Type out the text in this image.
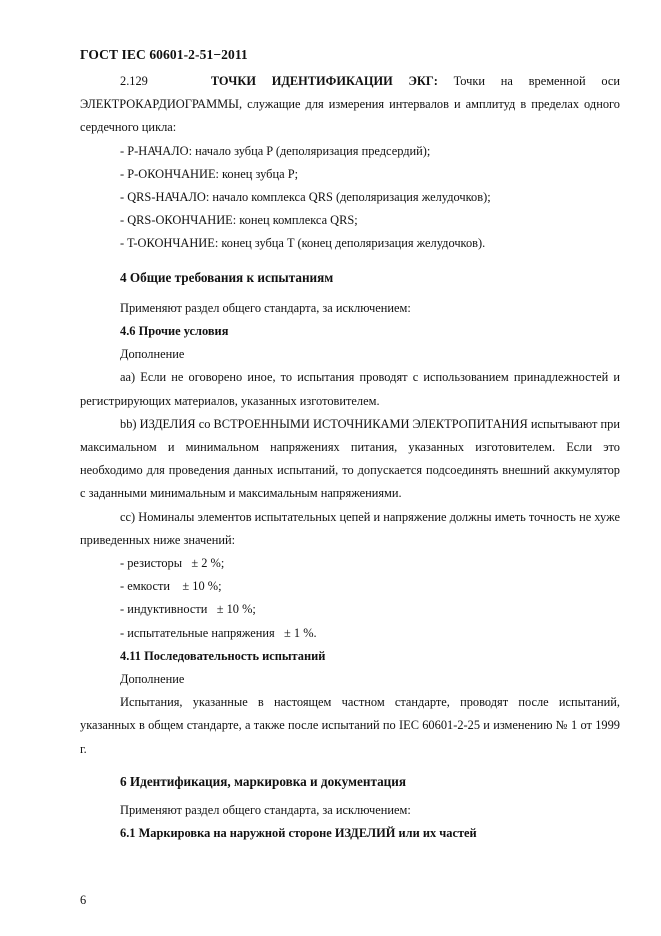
ГОСТ IEC 60601-2-51−2011

2.129	ТОЧКИ ИДЕНТИФИКАЦИИ ЭКГ: Точки на временной оси ЭЛЕКТРОКАРДИОГРАММЫ, служащие для измерения интервалов и амплитуд в пределах одного сердечного цикла:

- P-НАЧАЛО: начало зубца P (деполяризация предсердий);

- P-ОКОНЧАНИЕ: конец зубца P;

- QRS-НАЧАЛО: начало комплекса QRS (деполяризация желудочков);

- QRS-ОКОНЧАНИЕ: конец комплекса QRS;

- T-ОКОНЧАНИЕ: конец зубца T (конец деполяризация желудочков).

4 Общие требования к испытаниям

Применяют раздел общего стандарта, за исключением:

4.6 Прочие условия

Дополнение

aa) Если не оговорено иное, то испытания проводят с использованием принадлежностей и регистрирующих материалов, указанных изготовителем.

bb) ИЗДЕЛИЯ со ВСТРОЕННЫМИ ИСТОЧНИКАМИ ЭЛЕКТРОПИТАНИЯ испытывают при максимальном и минимальном напряжениях питания, указанных изготовителем. Если это необходимо для проведения данных испытаний, то допускается подсоединять внешний аккумулятор с заданными минимальным и максимальным напряжениями.

cc) Номиналы элементов испытательных цепей и напряжение должны иметь точность не хуже приведенных ниже значений:

- резисторы   ± 2 %;

- емкости    ± 10 %;

- индуктивности   ± 10 %;

- испытательные напряжения   ± 1 %.

4.11 Последовательность испытаний

Дополнение

Испытания, указанные в настоящем частном стандарте, проводят после испытаний, указанных в общем стандарте, а также после испытаний по IEC 60601-2-25 и изменению № 1 от 1999 г.

6 Идентификация, маркировка и документация

Применяют раздел общего стандарта, за исключением:

6.1 Маркировка на наружной стороне ИЗДЕЛИЙ или их частей

6
